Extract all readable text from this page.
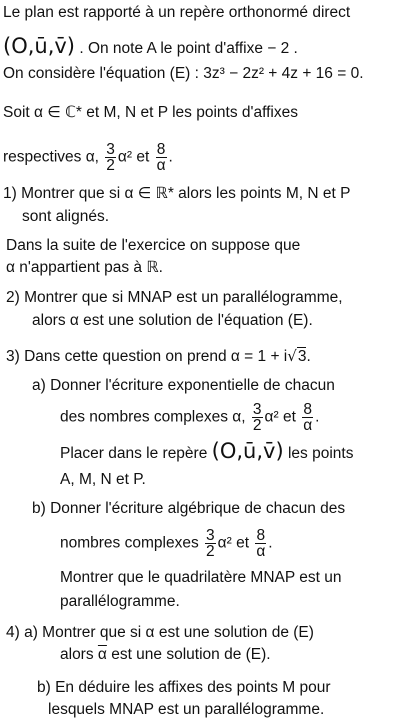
Le plan est rapporté à un repère orthonormé direct
(O,ū,v̄) . On note A le point d'affixe − 2 .
On considère l'équation (E) : 3z³ − 2z² + 4z + 16 = 0.
Soit α ∈ ℂ* et M, N et P les points d'affixes
respectives α, $\frac{3}{2} \alpha^2$ et $\frac{8}{\alpha}$ .
1) Montrer que si α ∈ ℝ* alors les points M, N et P
sont alignés.
Dans la suite de l'exercice on suppose que
α n'appartient pas à ℝ.
2) Montrer que si MNAP est un parallélogramme,
alors α est une solution de l'équation (E).
3) Dans cette question on prend α = 1 + i√3.
a) Donner l'écriture exponentielle de chacun
des nombres complexes α, $\frac{3}{2} \alpha^2$ et $\frac{8}{\alpha}$ .
Placer dans le repère (O,ū,v̄) les points
A, M, N et P.
b) Donner l'écriture algébrique de chacun des
nombres complexes $\frac{3}{2} \alpha^2$ et $\frac{8}{\alpha}$ .
Montrer que le quadrilatère MNAP est un
parallélogramme.
4) a) Montrer que si α est une solution de (E)
alors $\overline{\alpha}$ est une solution de (E).
b) En déduire les affixes des points M pour
lesquels MNAP est un parallélogramme.
